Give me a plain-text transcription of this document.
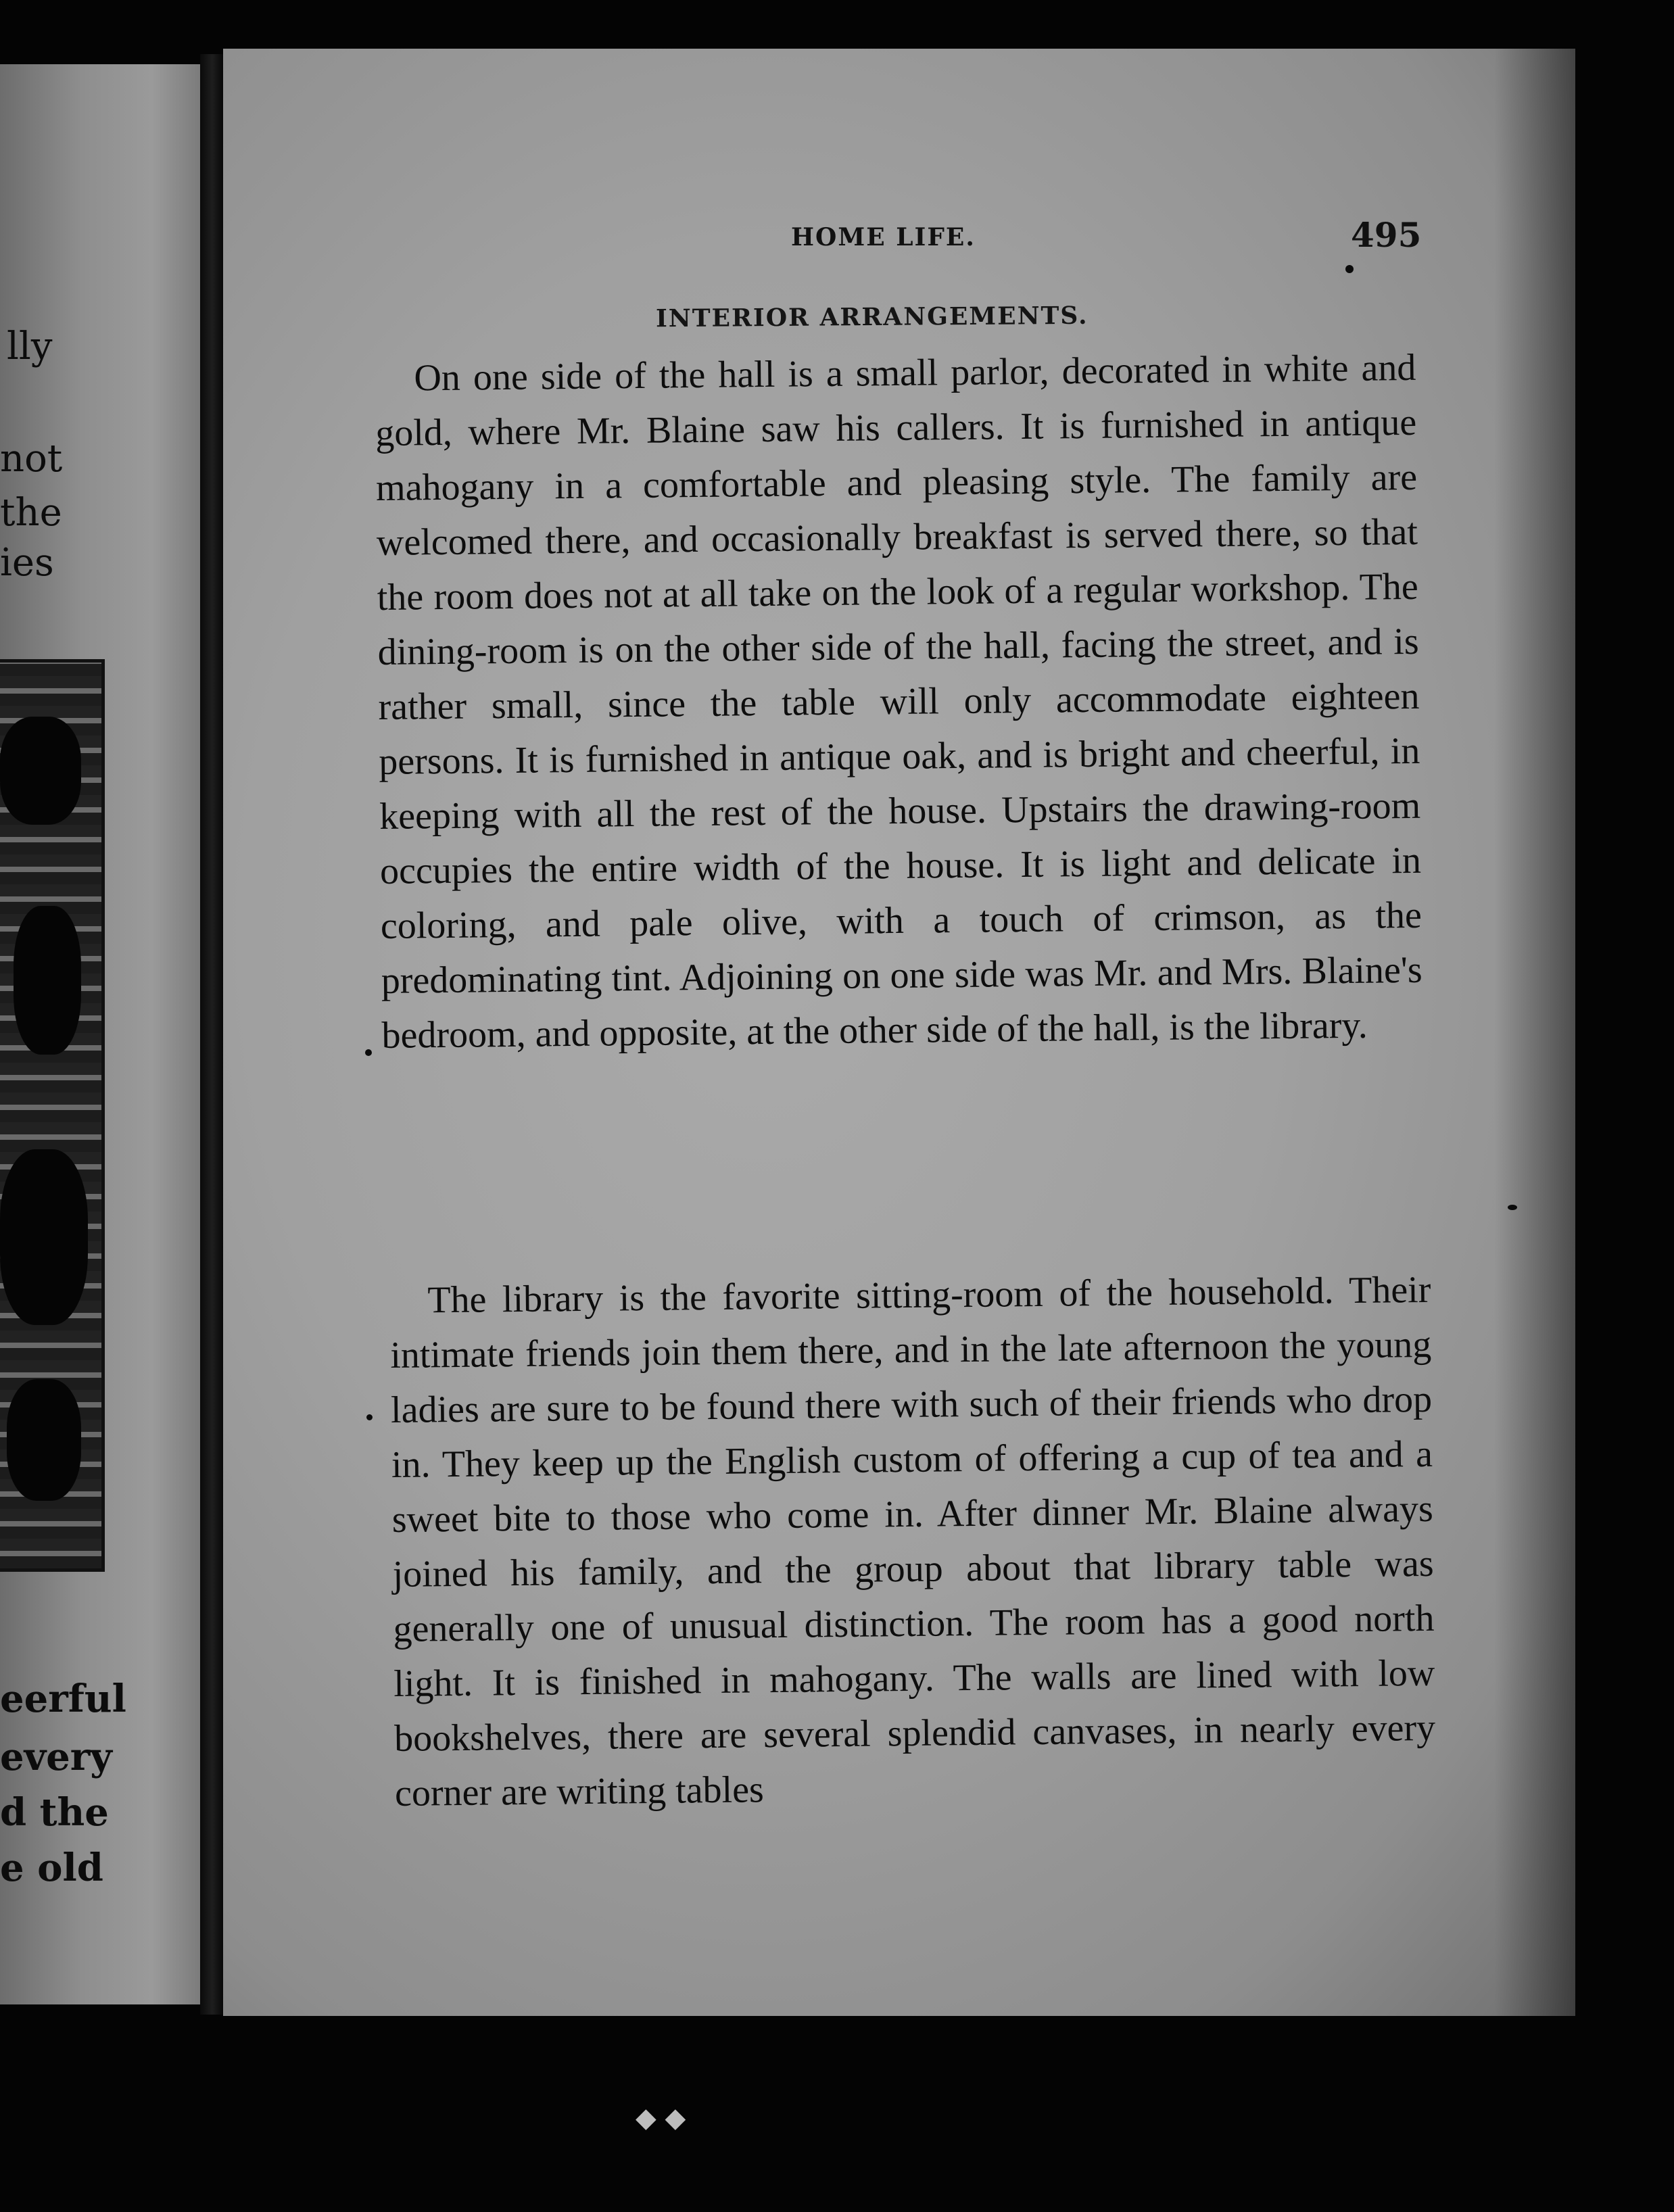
lly
not
the
ies
eerful
every
d the
e old
HOME LIFE.	495
INTERIOR ARRANGEMENTS.

On one side of the hall is a small parlor, decorated in white and gold, where Mr. Blaine saw his callers. It is furnished in antique mahogany in a comfortable and pleasing style. The family are welcomed there, and occasionally breakfast is served there, so that the room does not at all take on the look of a regular workshop. The dining-room is on the other side of the hall, facing the street, and is rather small, since the table will only accommodate eighteen persons. It is furnished in antique oak, and is bright and cheerful, in keeping with all the rest of the house. Upstairs the drawing-room occupies the entire width of the house. It is light and delicate in coloring, and pale olive, with a touch of crimson, as the predominating tint. Adjoining on one side was Mr. and Mrs. Blaine's bedroom, and opposite, at the other side of the hall, is the library.

The library is the favorite sitting-room of the household. Their intimate friends join them there, and in the late afternoon the young ladies are sure to be found there with such of their friends who drop in. They keep up the English custom of offering a cup of tea and a sweet bite to those who come in. After dinner Mr. Blaine always joined his family, and the group about that library table was generally one of unusual distinction. The room has a good north light. It is finished in mahogany. The walls are lined with low bookshelves, there are several splendid canvases, in nearly every corner are writing tables

◆ ◆
